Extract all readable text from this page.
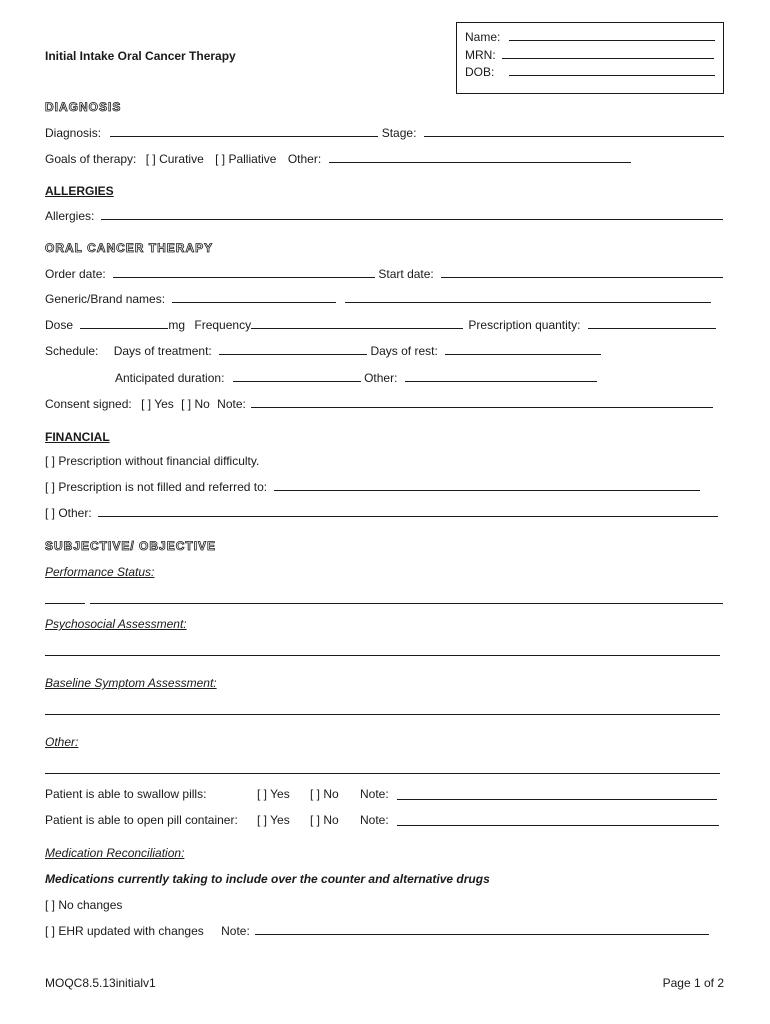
Initial Intake Oral Cancer Therapy
Name:
MRN:
DOB:
DIAGNOSIS
Diagnosis:	Stage:
Goals of therapy: [ ] Curative [ ] Palliative Other:
ALLERGIES
Allergies:
ORAL CANCER THERAPY
Order date:	Start date:
Generic/Brand names:
Dose	mg Frequency	Prescription quantity:
Schedule: Days of treatment:	Days of rest:
Anticipated duration:	Other:
Consent signed: [ ] Yes [ ] No Note:
FINANCIAL
[ ] Prescription without financial difficulty.
[ ] Prescription is not filled and referred to:
[ ] Other:
SUBJECTIVE/ OBJECTIVE
Performance Status:
Psychosocial Assessment:
Baseline Symptom Assessment:
Other:
Patient is able to swallow pills:	[ ] Yes [ ] No Note:
Patient is able to open pill container: [ ] Yes [ ] No Note:
Medication Reconciliation:
Medications currently taking to include over the counter and alternative drugs
[ ] No changes
[ ] EHR updated with changes Note:
MOQC8.5.13initialv1	Page 1 of 2
